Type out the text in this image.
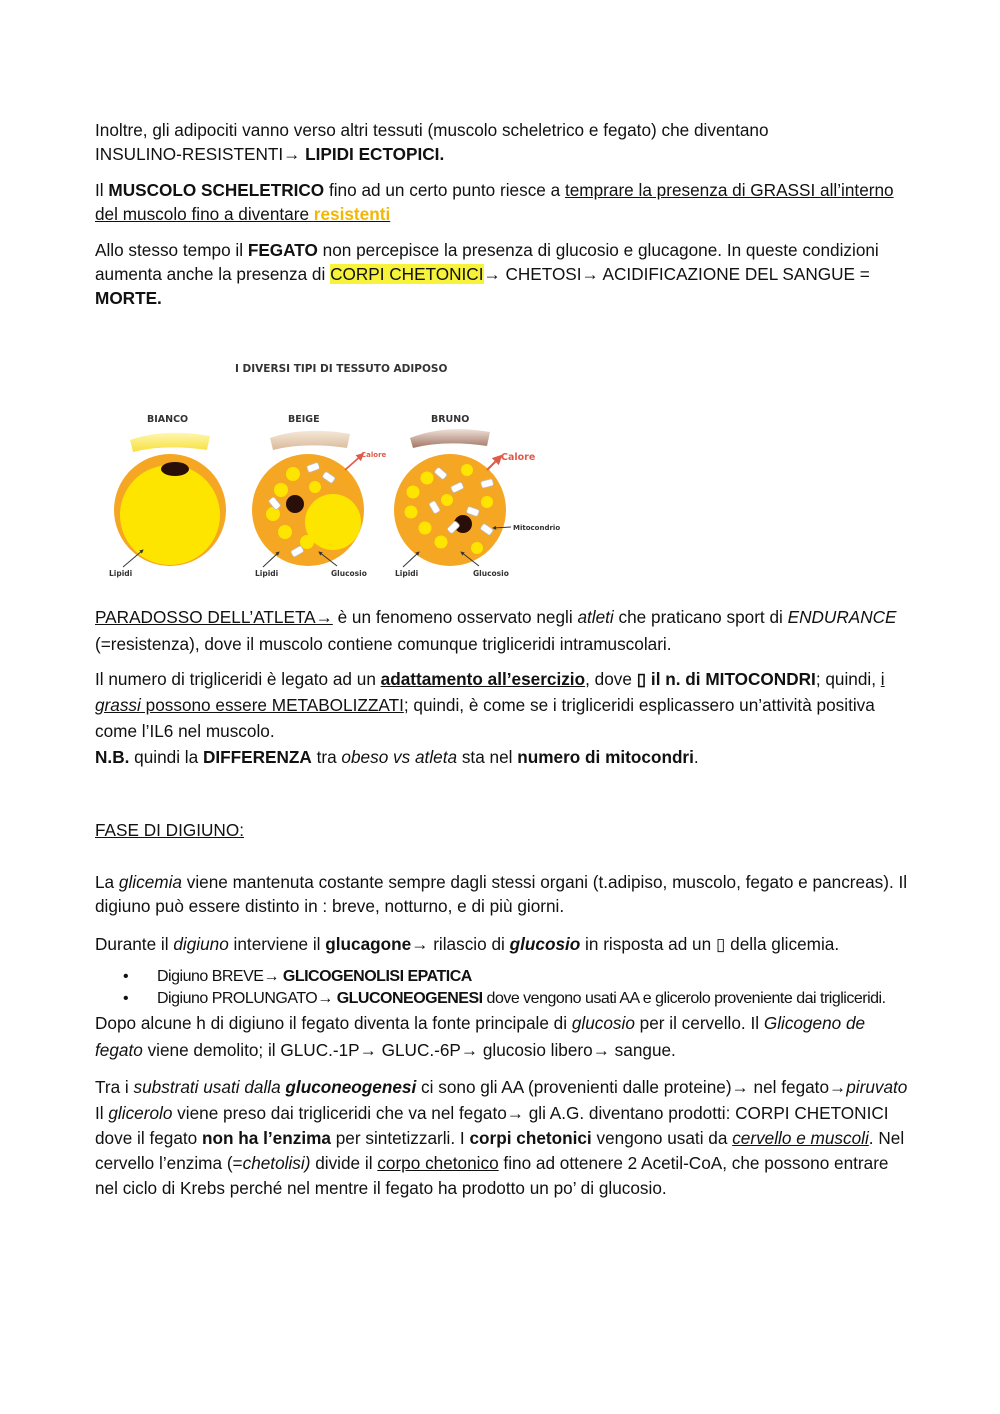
Inoltre, gli adipociti vanno verso altri tessuti (muscolo scheletrico e fegato) che diventano
INSULINO-RESISTENTI→ LIPIDI ECTOPICI.

Il MUSCOLO SCHELETRICO fino ad un certo punto riesce a temprare la presenza di GRASSI all’interno del muscolo fino a diventare resistenti

Allo stesso tempo il FEGATO non percepisce la presenza di glucosio e glucagone. In queste condizioni aumenta anche la presenza di CORPI CHETONICI→ CHETOSI→ ACIDIFICAZIONE DEL SANGUE = MORTE.

PARADOSSO DELL’ATLETA→ è un fenomeno osservato negli atleti che praticano sport di ENDURANCE (=resistenza), dove il muscolo contiene comunque trigliceridi intramuscolari.

Il numero di trigliceridi è legato ad un adattamento all’esercizio, dove ▯ il n. di MITOCONDRI; quindi, i grassi possono essere METABOLIZZATI; quindi, è come se i trigliceridi esplicassero un’attività positiva come l’IL6 nel muscolo.

N.B. quindi la DIFFERENZA tra obeso vs atleta sta nel numero di mitocondri.

FASE DI DIGIUNO:

La glicemia viene mantenuta costante sempre dagli stessi organi (t.adipiso, muscolo, fegato e pancreas). Il digiuno può essere distinto in : breve, notturno, e di più giorni.

Durante il digiuno interviene il glucagone→ rilascio di glucosio in risposta ad un ▯ della glicemia.

• Digiuno BREVE→ GLICOGENOLISI EPATICA
• Digiuno PROLUNGATO→ GLUCONEOGENESI dove vengono usati AA e glicerolo proveniente dai trigliceridi.

Dopo alcune h di digiuno il fegato diventa la fonte principale di glucosio per il cervello. Il Glicogeno de fegato viene demolito; il GLUC.-1P→ GLUC.-6P→ glucosio libero→ sangue.

Tra i substrati usati dalla gluconeogenesi ci sono gli AA (provenienti dalle proteine)→ nel fegato→piruvato

Il glicerolo viene preso dai trigliceridi che va nel fegato→ gli A.G. diventano prodotti: CORPI CHETONICI dove il fegato non ha l’enzima per sintetizzarli. I corpi chetonici vengono usati da cervello e muscoli. Nel cervello l’enzima (=chetolisi) divide il corpo chetonico fino ad ottenere 2 Acetil-CoA, che possono entrare nel ciclo di Krebs perché nel mentre il fegato ha prodotto un po’ di glucosio.

I DIVERSI TIPI DI TESSUTO ADIPOSO
BIANCO	BEIGE	BRUNO
Lipidi
Calore
Lipidi	Glucosio
Calore
Mitocondrio
Lipidi	Glucosio
